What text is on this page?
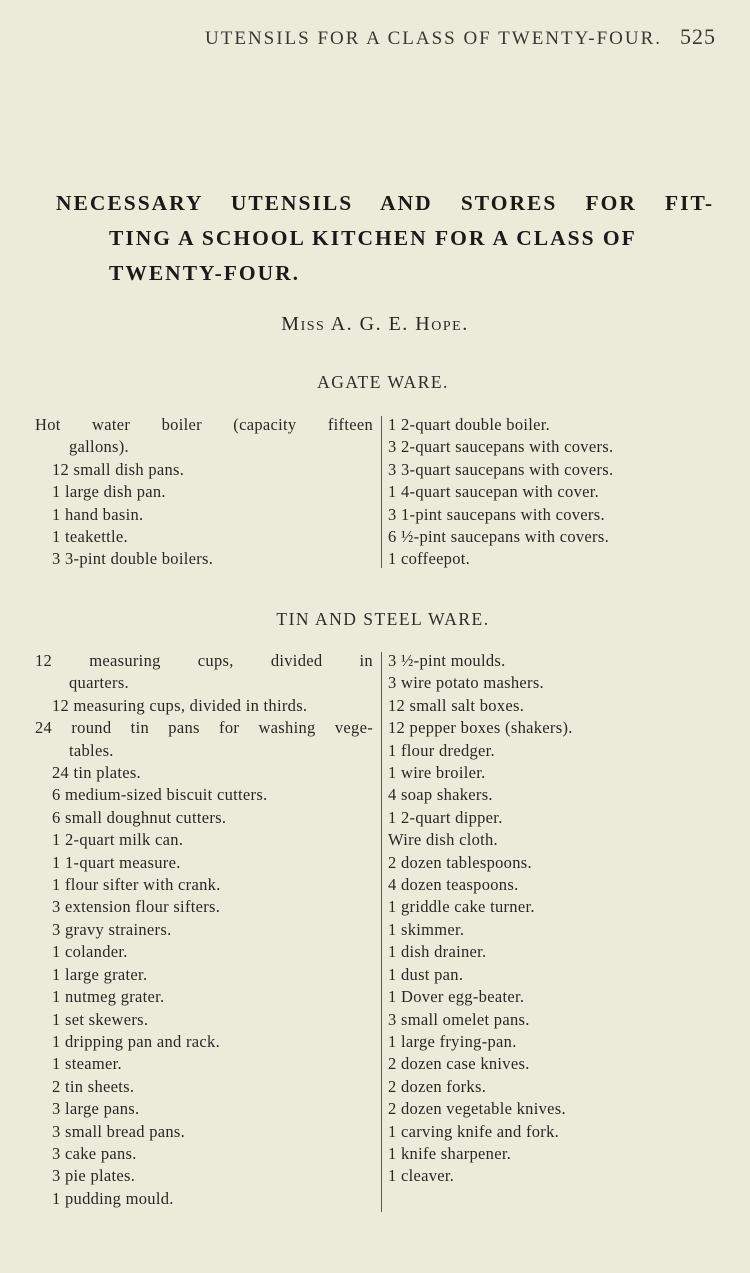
UTENSILS FOR A CLASS OF TWENTY-FOUR. 525
NECESSARY UTENSILS AND STORES FOR FIT-
TING A SCHOOL KITCHEN FOR A CLASS OF
TWENTY-FOUR.
Miss A. G. E. Hope.
AGATE WARE.
Hot water boiler (capacity fifteen
gallons).
12 small dish pans.
1 large dish pan.
1 hand basin.
1 teakettle.
3 3-pint double boilers.
1 2-quart double boiler.
3 2-quart saucepans with covers.
3 3-quart saucepans with covers.
1 4-quart saucepan with cover.
3 1-pint saucepans with covers.
6 ½-pint saucepans with covers.
1 coffeepot.
TIN AND STEEL WARE.
12 measuring cups, divided in
quarters.
12 measuring cups, divided in thirds.
24 round tin pans for washing vege-
tables.
24 tin plates.
6 medium-sized biscuit cutters.
6 small doughnut cutters.
1 2-quart milk can.
1 1-quart measure.
1 flour sifter with crank.
3 extension flour sifters.
3 gravy strainers.
1 colander.
1 large grater.
1 nutmeg grater.
1 set skewers.
1 dripping pan and rack.
1 steamer.
2 tin sheets.
3 large pans.
3 small bread pans.
3 cake pans.
3 pie plates.
1 pudding mould.
3 ½-pint moulds.
3 wire potato mashers.
12 small salt boxes.
12 pepper boxes (shakers).
1 flour dredger.
1 wire broiler.
4 soap shakers.
1 2-quart dipper.
Wire dish cloth.
2 dozen tablespoons.
4 dozen teaspoons.
1 griddle cake turner.
1 skimmer.
1 dish drainer.
1 dust pan.
1 Dover egg-beater.
3 small omelet pans.
1 large frying-pan.
2 dozen case knives.
2 dozen forks.
2 dozen vegetable knives.
1 carving knife and fork.
1 knife sharpener.
1 cleaver.
